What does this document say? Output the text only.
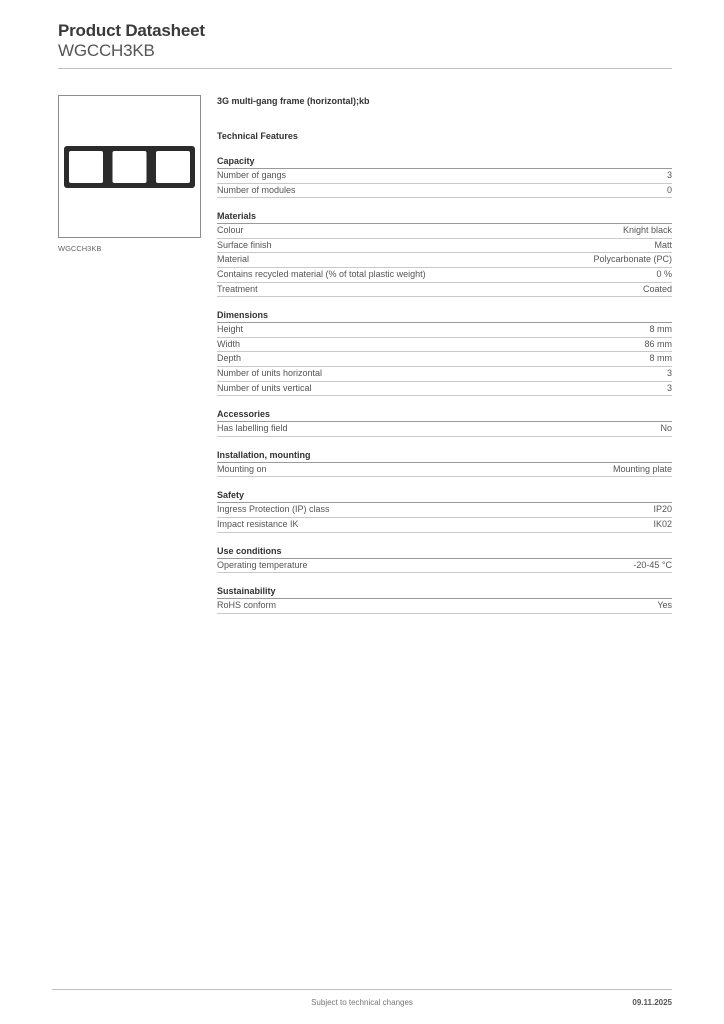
Product Datasheet
WGCCH3KB
WGCCH3KB
3G multi-gang frame (horizontal);kb
Technical Features
Capacity
Number of gangs	3
Number of modules	0
Materials
Colour	Knight black
Surface finish	Matt
Material	Polycarbonate (PC)
Contains recycled material (% of total plastic weight)	0 %
Treatment	Coated
Dimensions
Height	8 mm
Width	86 mm
Depth	8 mm
Number of units horizontal	3
Number of units vertical	3
Accessories
Has labelling field	No
Installation, mounting
Mounting on	Mounting plate
Safety
Ingress Protection (IP) class	IP20
Impact resistance IK	IK02
Use conditions
Operating temperature	-20-45 °C
Sustainability
RoHS conform	Yes
Subject to technical changes	09.11.2025
